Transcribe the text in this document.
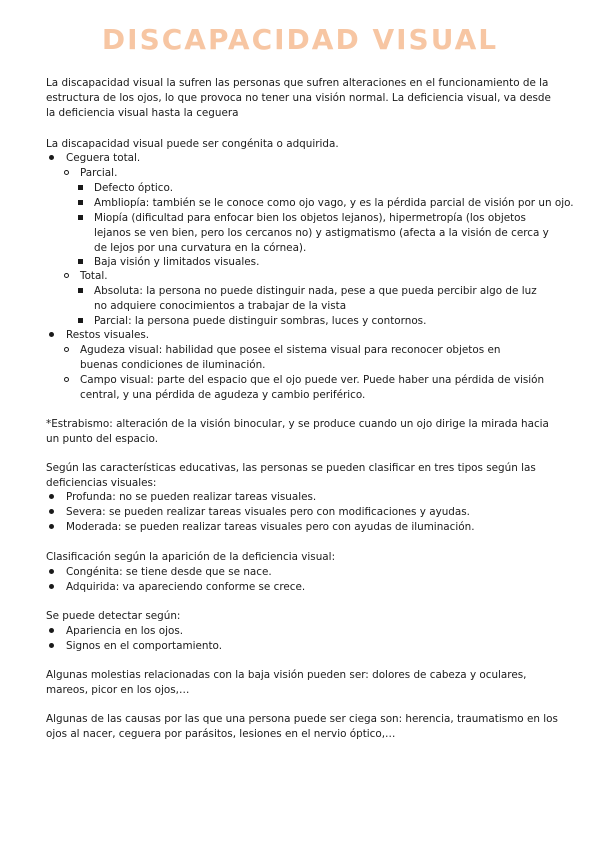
DISCAPACIDAD VISUAL

La discapacidad visual la sufren las personas que sufren alteraciones en el funcionamiento de la estructura de los ojos, lo que provoca no tener una visión normal. La deficiencia visual, va desde la deficiencia visual hasta la ceguera

La discapacidad visual puede ser congénita o adquirida.

Ceguera total.

Parcial.

Defecto óptico.

Ambliopía: también se le conoce como ojo vago, y es la pérdida parcial de visión por un ojo.

Miopía (dificultad para enfocar bien los objetos lejanos), hipermetropía (los objetos lejanos se ven bien, pero los cercanos no) y astigmatismo (afecta a la visión de cerca y de lejos por una curvatura en la córnea).

Baja visión y limitados visuales.

Total.

Absoluta: la persona no puede distinguir nada, pese a que pueda percibir algo de luz no adquiere conocimientos a trabajar de la vista

Parcial: la persona puede distinguir sombras, luces y contornos.

Restos visuales.

Agudeza visual: habilidad que posee el sistema visual para reconocer objetos en buenas condiciones de iluminación.

Campo visual: parte del espacio que el ojo puede ver. Puede haber una pérdida de visión central, y una pérdida de agudeza y cambio periférico.

*Estrabismo: alteración de la visión binocular, y se produce cuando un ojo dirige la mirada hacia un punto del espacio.

Según las características educativas, las personas se pueden clasificar en tres tipos según las deficiencias visuales:

Profunda: no se pueden realizar tareas visuales.

Severa: se pueden realizar tareas visuales pero con modificaciones y ayudas.

Moderada: se pueden realizar tareas visuales pero con ayudas de iluminación.

Clasificación según la aparición de la deficiencia visual:

Congénita: se tiene desde que se nace.

Adquirida: va apareciendo conforme se crece.

Se puede detectar según:

Apariencia en los ojos.

Signos en el comportamiento.

Algunas molestias relacionadas con la baja visión pueden ser: dolores de cabeza y oculares, mareos, picor en los ojos,…

Algunas de las causas por las que una persona puede ser ciega son: herencia, traumatismo en los ojos al nacer, ceguera por parásitos, lesiones en el nervio óptico,…
